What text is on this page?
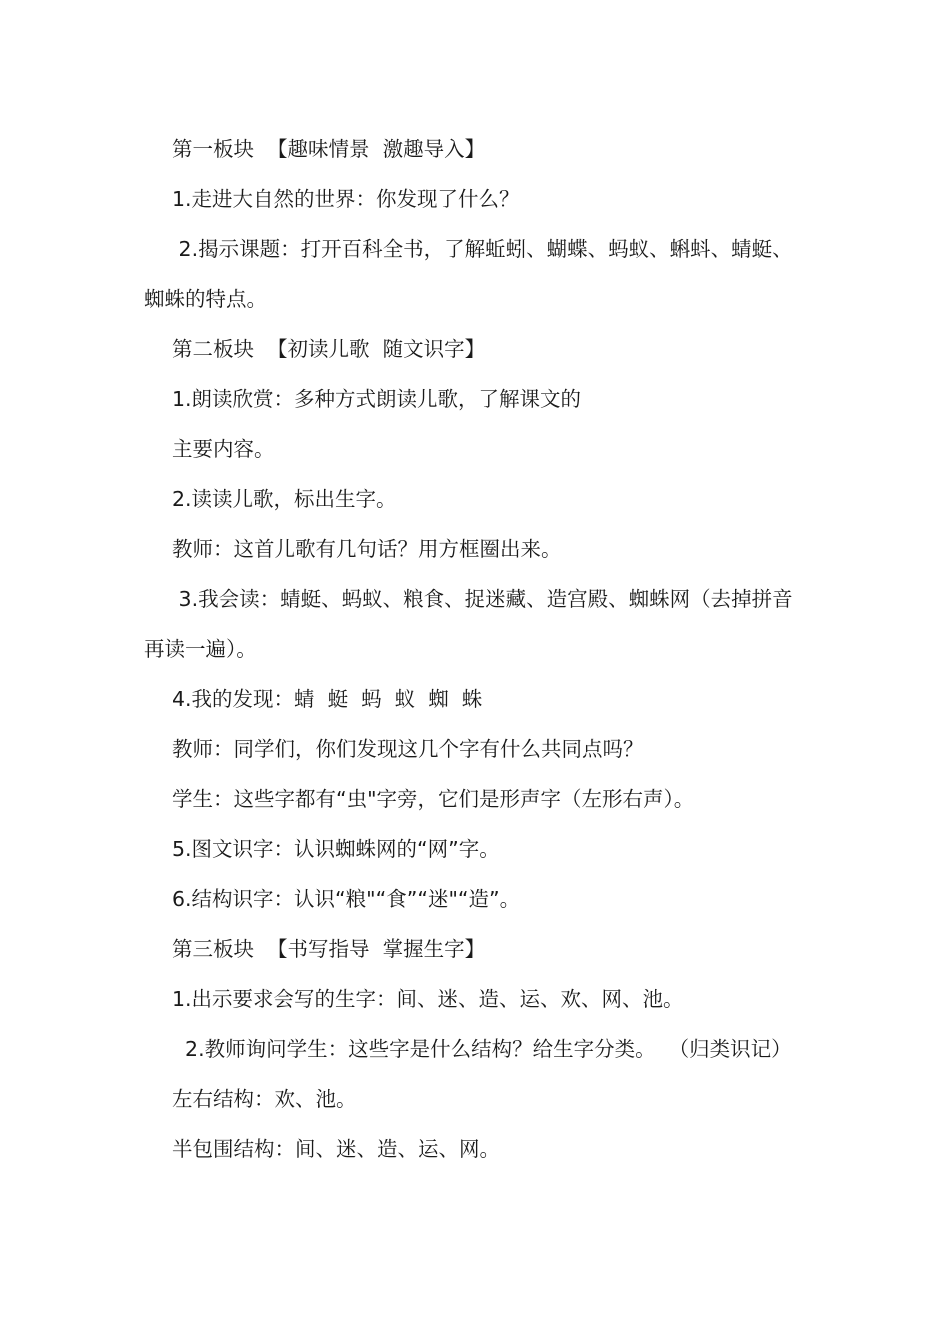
第一板块  【趣味情景  激趣导入】

1.走进大自然的世界：你发现了什么？

2.揭示课题：打开百科全书，了解蚯蚓、蝴蝶、蚂蚁、蝌蚪、蜻蜓、蜘蛛的特点。

第二板块  【初读儿歌  随文识字】

1.朗读欣赏：多种方式朗读儿歌，了解课文的

主要内容。

2.读读儿歌，标出生字。

教师：这首儿歌有几句话？用方框圈出来。

3.我会读：蜻蜓、蚂蚁、粮食、捉迷藏、造宫殿、蜘蛛网（去掉拼音再读一遍）。

4.我的发现：蜻  蜓  蚂  蚁  蜘  蛛

教师：同学们，你们发现这几个字有什么共同点吗？

学生：这些字都有“虫"字旁，它们是形声字（左形右声）。

5.图文识字：认识蜘蛛网的“网”字。

6.结构识字：认识“粮"“食”“迷"“造”。

第三板块  【书写指导  掌握生字】

1.出示要求会写的生字：间、迷、造、运、欢、网、池。

2.教师询问学生：这些字是什么结构？给生字分类。  （归类识记）

左右结构：欢、池。

半包围结构：间、迷、造、运、网。
